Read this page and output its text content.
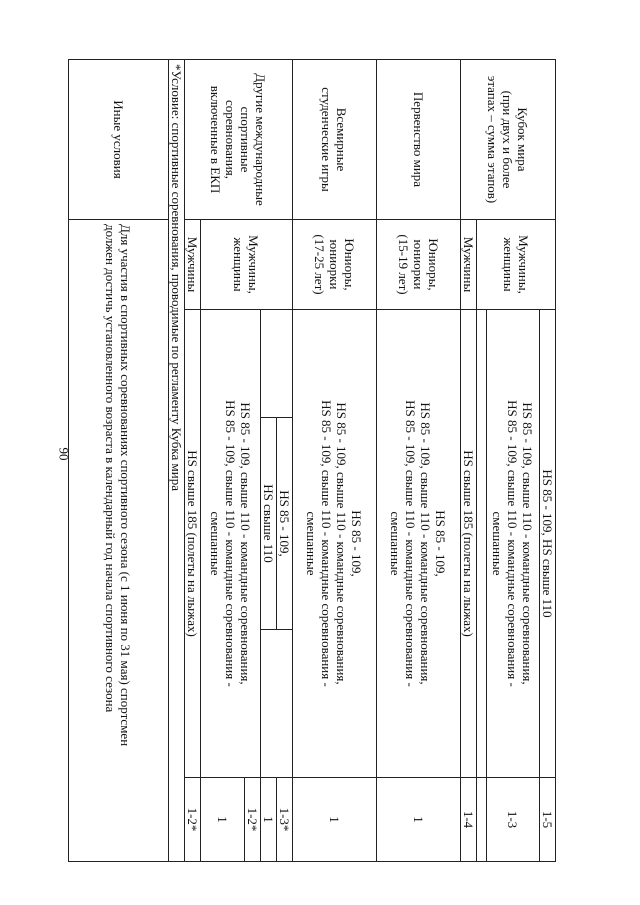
90
Кубок мира
(при двух и более
этапах – сумма этапов)	Мужчины,
женщины	HS 85 - 109, HS свыше 110			1-5

		HS 85 - 109, свыше 110 - командные соревнования,
HS 85 - 109, свыше 110 - командные соревнования -
смешанные			1-3

	Мужчины	HS свыше 185 (полеты на лыжах)			1-4
Первенство мира	Юниоры,
юниорки
(15-19 лет)	HS 85 - 109,
HS 85 - 109, свыше 110 - командные соревнования,
HS 85 - 109, свыше 110 - командные соревнования -
смешанные			1

Всемирные
студенческие игры	Юниоры,
юниорки
(17-25 лет)	HS 85 - 109,
HS 85 - 109, свыше 110 - командные соревнования,
HS 85 - 109, свыше 110 - командные соревнования -
смешанные			1

Другие международные
спортивные
соревнования,
включенные в ЕКП	Мужчины,
женщины		HS 85 - 109,		1-3*
			HS свыше 110		1

		HS 85 - 109, свыше 110 - командные соревнования,
HS 85 - 109, свыше 110 - командные соревнования -
смешанные			1-2*
					1
	Мужчины	HS свыше 185 (полеты на лыжах)			1-2*
*Условие: спортивные соревнования, проводимые по регламенту Кубка мира					
Иные условия	Для участия в спортивных соревнованиях спортивного сезона (с 1 июня по 31 мая) спортсмен
должен достичь установленного возраста в календарный год начала спортивного сезона				
